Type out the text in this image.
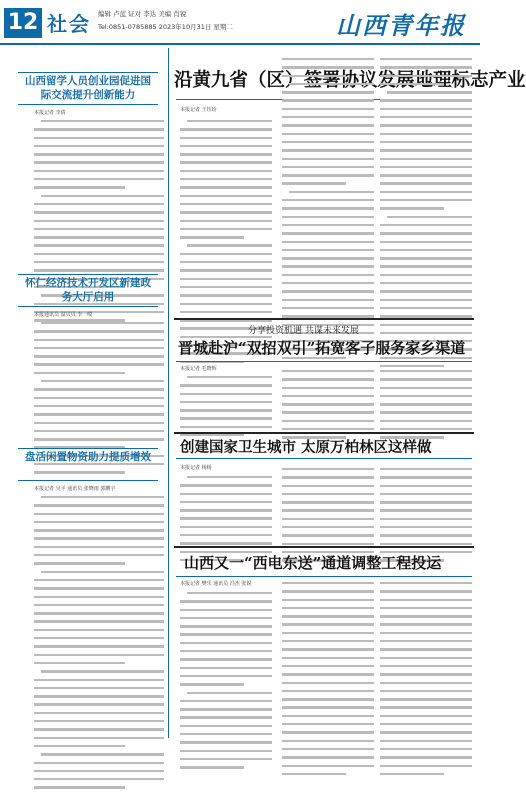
12 社会 编辑 卢蓝 证对 李达 美编 肖锐
Tel:0851-0785885 2023年10月31日 星期二	山西青年报
山西留学人员创业园促进国际交流提升创新能力
本报记者 李倩
怀仁经济技术开发区新建政务大厅启用
本报通讯员 温贝贝 李一嗅
盘活闲置物资助力提质增效
本报记者 吴平 通讯员 张晓雨 郭鹏宇
沿黄九省（区）签署协议发展地理标志产业
本报记者 王钰玢
分享投资机遇 共谋未来发展
晋城赴沪“双招双引”拓宽客子服务家乡渠道
本报记者 毛晓辉
创建国家卫生城市 太原万柏林区这样做
本报记者 杨杨
山西又一“西电东送”通道调整工程投运
本报记者 樊乐 通讯员 冯杰 张锐
